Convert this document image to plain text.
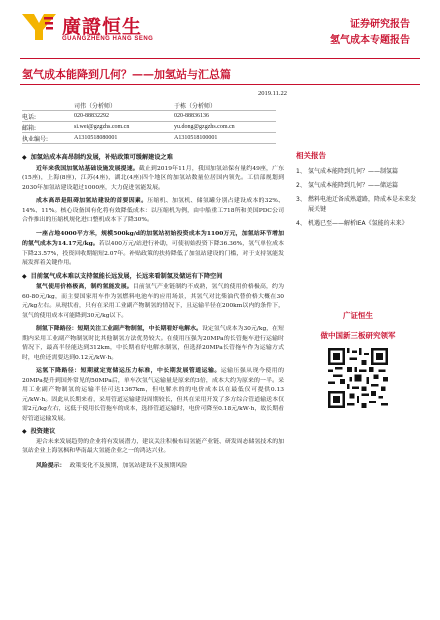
廣證恒生
GUANGZHENG HANG SENG
证券研究报告
氢气成本专题报告
氢气成本能降到几何？——加氢站与汇总篇
2019.11.22
司伟（分析师）	于栋（分析师）
电话:	020-88832292	020-88836136
邮箱:	si.wei@gzgzhs.com.cn	yu.dong@gzgzhs.com.cn
执业编号:	A1310518080001	A1310518100001
◆ 加氢站成本高昂制约发展，补贴政策可缓解建设之难

近年来我国加氢站基础设施发展提速。截止到2019年11月，我国加氢站保有量约49座，广东(15座)，上海(8座)，江苏(4座)，湖北(4座)四个地区的加氢站数量位居国内领先。工信部规划到2030年加氢站建设超过1000座，大力促进氢能发展。

成本高昂是阻碍加氢站建设的首要因素。压缩机、加氢机、储氢罐分别占建设成本的32%、14%、11%。核心设备国有化将有效降低成本：以压缩机为例，由中船重工718所和美国PDC公司合作推出的压缩机规化进口整机成本下了降30%。

一座占地4000平方米，规模500kg/d的加氢站初始投资成本为1100万元，加氢站环节增加的氢气成本为14.17元/kg。若以400万元/站进行补助，可使初始投资下降36.36%，氢气单位成本下降23.57%，投资回收期缩短2.07年。补贴政策的扶持降低了加氢站建设的门槛，对于支持氢能发展发挥着关键作用。

◆ 目前氢气成本难以支持氢能长远发展，长远来看制氢及储运有下降空间

氢气使用价格极高，制约氢能发展。目前氢气产业链制约不成熟，氢气的使用价格极高，约为60-80元/kg，而主要国家用车作为氢燃料电池车的应用场景，其氢气对比柴油代替价格大概在30元/kg左右。从现状看，只有在采用工业副产物制氢的情况下，且运输半径在200km以内的条件下，氢气的使用成本可能降到30元/kg以下。

制氢下降路径：短期关注工业副产物制氢，中长期看好电解水。设定氢气成本为30元/kg，在短期内采用工业副产物制氢时比其他制氢方法优势较大。在使用压强为20MPa的长管拖车进行运输时情况下，最高半径能达到312km，中长期看好电解水制氢，但选择20MPa长管拖车作为运输方式时，电价还需要达到0.12元/kW·h。

运氢下降路径：短期就定宽储运压力标准，中长期发展管道运输。运输压强从现今使用的20MPa提升到国外常见的50MPa后，单车次氢气运输量是原来的3倍，成本大约为原来的一半。采用工业副产物制氢的运输半径可达1367km，但电解水的的电价成本以在最低仅可提供0.13元/kW·h。固此从长期来看，采用管道运输建设周期较长，但其在采用开发了多方综合管道输送本仅需2元/kg左右，远低于使用长管拖车的成本，选择管道运输时，电价可降至0.18元/kW·h，故长期看好管道运输发展。

◆ 投资建议

迎合未来发展趋势的企业将有发展潜力，建议关注积极布局氢能产业链、研发周态储氢技术的加氢站企业上海氢枫和华南最大氢能企业之一的鸿达兴业。

风险提示： 政策变化不及预期，加氢站建设不及预期风险

相关报告
1、 氢气成本能降到几何？——制氢篇
2、 氢气成本能降到几何？——储运篇
3、 燃料电池迁备成熟道路，降成本是未来发展关键
4、 机遇已至——解析IEA《氢能的未来》
广证恒生
做中国新三板研究领军
